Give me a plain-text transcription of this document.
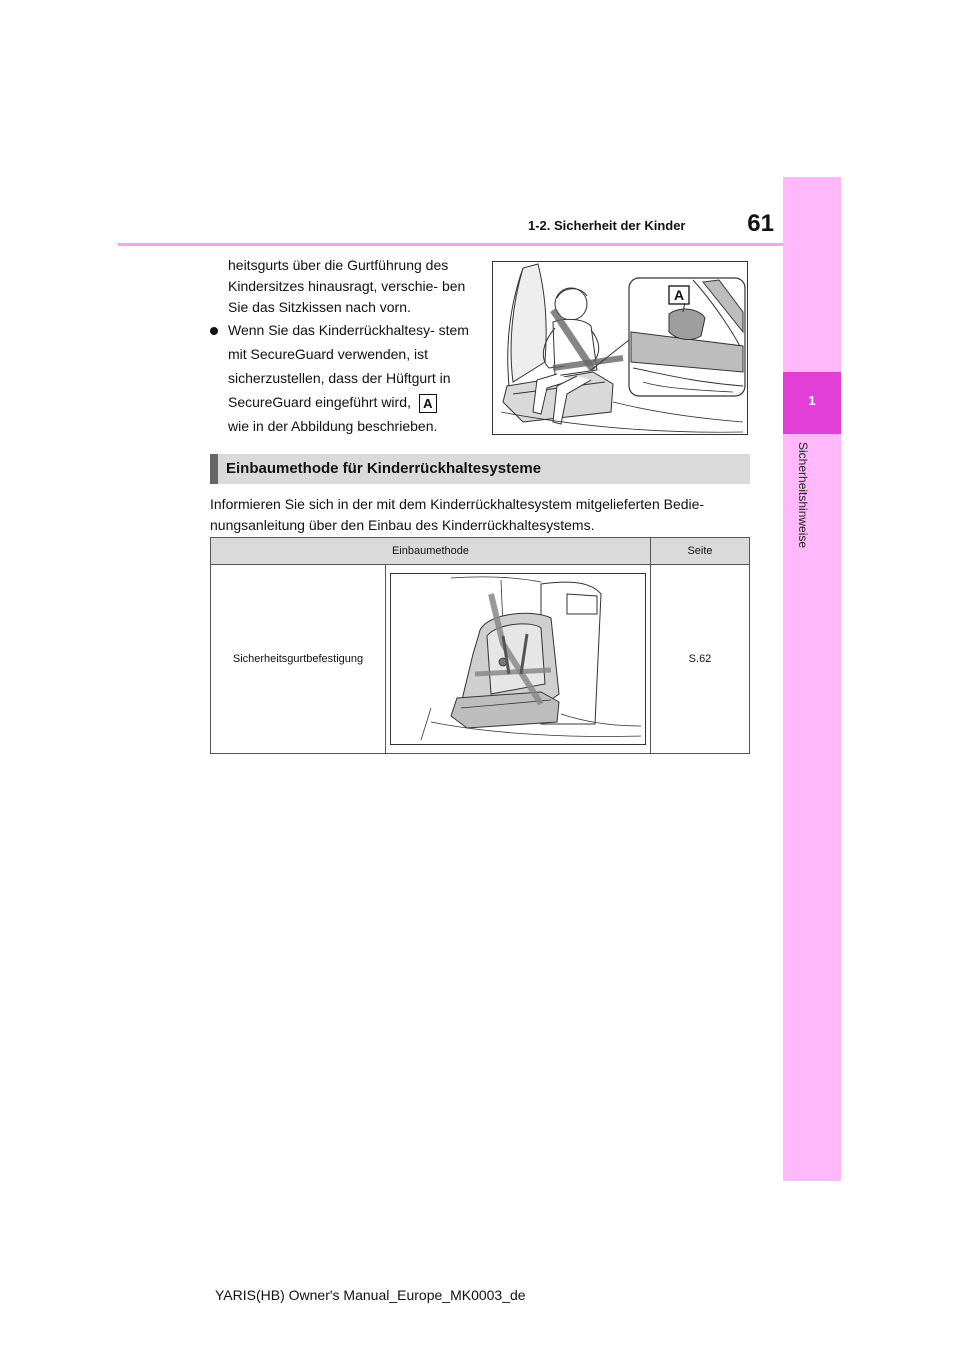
1-2. Sicherheit der Kinder	61
1
Sicherheitshinweise
heitsgurts über die Gurtführung des Kindersitzes hinausragt, verschie- ben Sie das Sitzkissen nach vorn.
Wenn Sie das Kinderrückhaltesy- stem mit SecureGuard verwenden, ist sicherzustellen, dass der Hüftgurt in SecureGuard eingeführt wird, A
wie in der Abbildung beschrieben.
A
Einbaumethode für Kinderrückhaltesysteme
Informieren Sie sich in der mit dem Kinderrückhaltesystem mitgelieferten Bedie- nungsanleitung über den Einbau des Kinderrückhaltesystems.
Einbaumethode		Seite
Sicherheitsgurtbefestigung		S.62
YARIS(HB) Owner's Manual_Europe_MK0003_de
